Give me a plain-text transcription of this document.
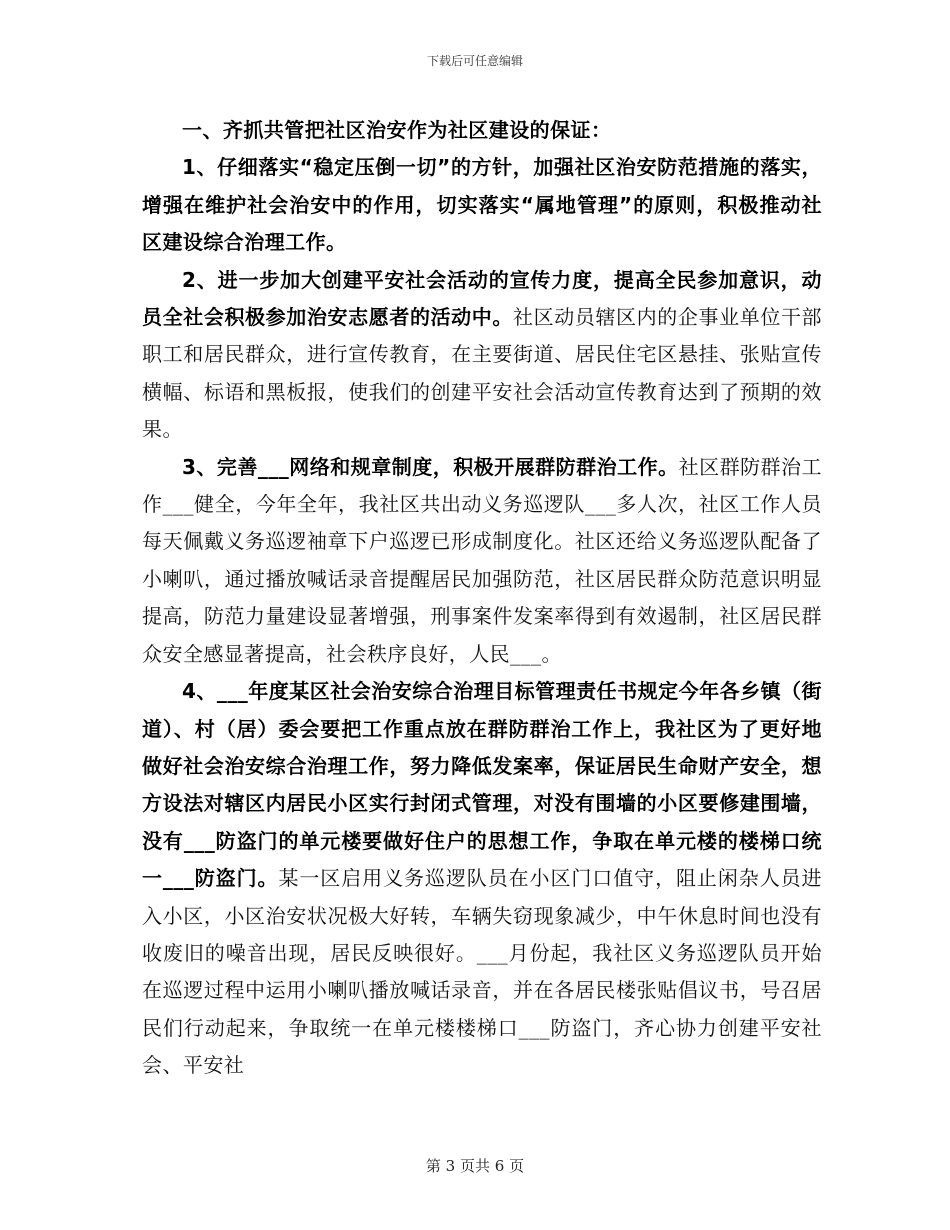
下载后可任意编辑

一、齐抓共管把社区治安作为社区建设的保证：

1、仔细落实“稳定压倒一切”的方针，加强社区治安防范措施的落实，增强在维护社会治安中的作用，切实落实“属地管理”的原则，积极推动社区建设综合治理工作。

2、进一步加大创建平安社会活动的宣传力度，提高全民参加意识，动员全社会积极参加治安志愿者的活动中。社区动员辖区内的企事业单位干部职工和居民群众，进行宣传教育，在主要街道、居民住宅区悬挂、张贴宣传横幅、标语和黑板报，使我们的创建平安社会活动宣传教育达到了预期的效果。

3、完善___网络和规章制度，积极开展群防群治工作。社区群防群治工作___健全，今年全年，我社区共出动义务巡逻队___多人次，社区工作人员每天佩戴义务巡逻袖章下户巡逻已形成制度化。社区还给义务巡逻队配备了小喇叭，通过播放喊话录音提醒居民加强防范，社区居民群众防范意识明显提高，防范力量建设显著增强，刑事案件发案率得到有效遏制，社区居民群众安全感显著提高，社会秩序良好，人民___。

4、___年度某区社会治安综合治理目标管理责任书规定今年各乡镇（街道）、村（居）委会要把工作重点放在群防群治工作上，我社区为了更好地做好社会治安综合治理工作，努力降低发案率，保证居民生命财产安全，想方设法对辖区内居民小区实行封闭式管理，对没有围墙的小区要修建围墙，没有___防盗门的单元楼要做好住户的思想工作，争取在单元楼的楼梯口统一___防盗门。某一区启用义务巡逻队员在小区门口值守，阻止闲杂人员进入小区，小区治安状况极大好转，车辆失窃现象减少，中午休息时间也没有收废旧的噪音出现，居民反映很好。___月份起，我社区义务巡逻队员开始在巡逻过程中运用小喇叭播放喊话录音，并在各居民楼张贴倡议书，号召居民们行动起来，争取统一在单元楼楼梯口___防盗门，齐心协力创建平安社会、平安社

第 3 页共 6 页
